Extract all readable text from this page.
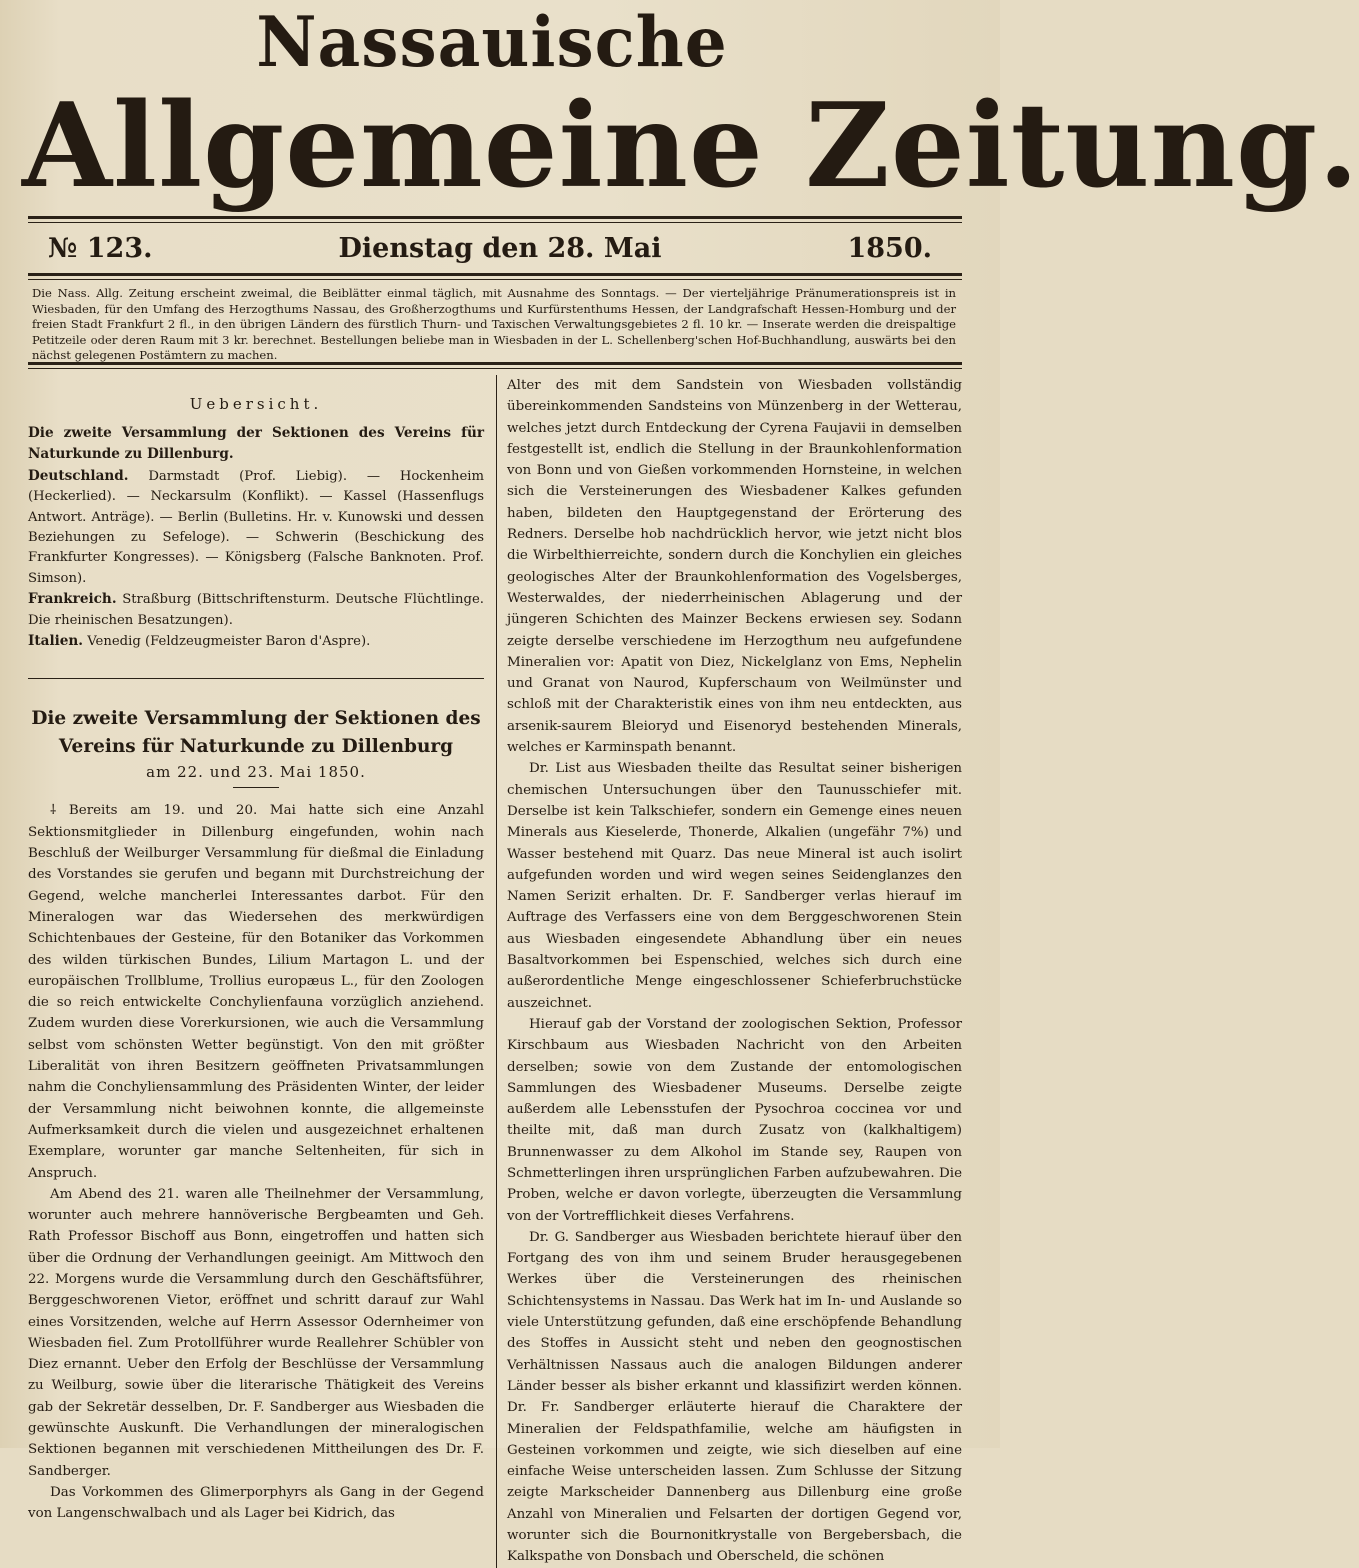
Nassauische
Allgemeine Zeitung.
№ 123.	Dienstag den 28. Mai	1850.
Die Nass. Allg. Zeitung erscheint zweimal, die Beiblätter einmal täglich, mit Ausnahme des Sonntags. — Der vierteljährige Pränumerationspreis ist in Wiesbaden, für den Umfang des Herzogthums Nassau, des Großherzogthums und Kurfürstenthums Hessen, der Landgrafschaft Hessen-Homburg und der freien Stadt Frankfurt 2 fl., in den übrigen Ländern des fürstlich Thurn- und Taxischen Verwaltungsgebietes 2 fl. 10 kr. — Inserate werden die dreispaltige Petitzeile oder deren Raum mit 3 kr. berechnet. Bestellungen beliebe man in Wiesbaden in der L. Schellenberg'schen Hof-Buchhandlung, auswärts bei den nächst gelegenen Postämtern zu machen.
Uebersicht.
Die zweite Versammlung der Sektionen des Vereins für Naturkunde zu Dillenburg.
Deutschland. Darmstadt (Prof. Liebig). — Hockenheim (Heckerlied). — Neckarsulm (Konflikt). — Kassel (Hassenflugs Antwort. Anträge). — Berlin (Bulletins. Hr. v. Kunowski und dessen Beziehungen zu Sefeloge). — Schwerin (Beschickung des Frankfurter Kongresses). — Königsberg (Falsche Banknoten. Prof. Simson).
Frankreich. Straßburg (Bittschriftensturm. Deutsche Flüchtlinge. Die rheinischen Besatzungen).
Italien. Venedig (Feldzeugmeister Baron d'Aspre).
Die zweite Versammlung der Sektionen des Vereins für Naturkunde zu Dillenburg
am 22. und 23. Mai 1850.

⸸ Bereits am 19. und 20. Mai hatte sich eine Anzahl Sektionsmitglieder in Dillenburg eingefunden, wohin nach Beschluß der Weilburger Versammlung für dießmal die Einladung des Vorstandes sie gerufen und begann mit Durchstreichung der Gegend, welche mancherlei Interessantes darbot. Für den Mineralogen war das Wiedersehen des merkwürdigen Schichtenbaues der Gesteine, für den Botaniker das Vorkommen des wilden türkischen Bundes, Lilium Martagon L. und der europäischen Trollblume, Trollius europæus L., für den Zoologen die so reich entwickelte Conchylienfauna vorzüglich anziehend. Zudem wurden diese Vorerkursionen, wie auch die Versammlung selbst vom schönsten Wetter begünstigt. Von den mit größter Liberalität von ihren Besitzern geöffneten Privatsammlungen nahm die Conchyliensammlung des Präsidenten Winter, der leider der Versammlung nicht beiwohnen konnte, die allgemeinste Aufmerksamkeit durch die vielen und ausgezeichnet erhaltenen Exemplare, worunter gar manche Seltenheiten, für sich in Anspruch.

Am Abend des 21. waren alle Theilnehmer der Versammlung, worunter auch mehrere hannöverische Bergbeamten und Geh. Rath Professor Bischoff aus Bonn, eingetroffen und hatten sich über die Ordnung der Verhandlungen geeinigt. Am Mittwoch den 22. Morgens wurde die Versammlung durch den Geschäftsführer, Berggeschworenen Vietor, eröffnet und schritt darauf zur Wahl eines Vorsitzenden, welche auf Herrn Assessor Odernheimer von Wiesbaden fiel. Zum Protollführer wurde Reallehrer Schübler von Diez ernannt. Ueber den Erfolg der Beschlüsse der Versammlung zu Weilburg, sowie über die literarische Thätigkeit des Vereins gab der Sekretär desselben, Dr. F. Sandberger aus Wiesbaden die gewünschte Auskunft. Die Verhandlungen der mineralogischen Sektionen begannen mit verschiedenen Mittheilungen des Dr. F. Sandberger.

Das Vorkommen des Glimerporphyrs als Gang in der Gegend von Langenschwalbach und als Lager bei Kidrich, das

Alter des mit dem Sandstein von Wiesbaden vollständig übereinkommenden Sandsteins von Münzenberg in der Wetterau, welches jetzt durch Entdeckung der Cyrena Faujavii in demselben festgestellt ist, endlich die Stellung in der Braunkohlenformation von Bonn und von Gießen vorkommenden Hornsteine, in welchen sich die Versteinerungen des Wiesbadener Kalkes gefunden haben, bildeten den Hauptgegenstand der Erörterung des Redners. Derselbe hob nachdrücklich hervor, wie jetzt nicht blos die Wirbelthierreichte, sondern durch die Konchylien ein gleiches geologisches Alter der Braunkohlenformation des Vogelsberges, Westerwaldes, der niederrheinischen Ablagerung und der jüngeren Schichten des Mainzer Beckens erwiesen sey. Sodann zeigte derselbe verschiedene im Herzogthum neu aufgefundene Mineralien vor: Apatit von Diez, Nickelglanz von Ems, Nephelin und Granat von Naurod, Kupferschaum von Weilmünster und schloß mit der Charakteristik eines von ihm neu entdeckten, aus arsenik-saurem Bleioryd und Eisenoryd bestehenden Minerals, welches er Karminspath benannt.

Dr. List aus Wiesbaden theilte das Resultat seiner bisherigen chemischen Untersuchungen über den Taunusschiefer mit. Derselbe ist kein Talkschiefer, sondern ein Gemenge eines neuen Minerals aus Kieselerde, Thonerde, Alkalien (ungefähr 7%) und Wasser bestehend mit Quarz. Das neue Mineral ist auch isolirt aufgefunden worden und wird wegen seines Seidenglanzes den Namen Serizit erhalten. Dr. F. Sandberger verlas hierauf im Auftrage des Verfassers eine von dem Berggeschworenen Stein aus Wiesbaden eingesendete Abhandlung über ein neues Basaltvorkommen bei Espenschied, welches sich durch eine außerordentliche Menge eingeschlossener Schieferbruchstücke auszeichnet.

Hierauf gab der Vorstand der zoologischen Sektion, Professor Kirschbaum aus Wiesbaden Nachricht von den Arbeiten derselben; sowie von dem Zustande der entomologischen Sammlungen des Wiesbadener Museums. Derselbe zeigte außerdem alle Lebensstufen der Pysochroa coccinea vor und theilte mit, daß man durch Zusatz von (kalkhaltigem) Brunnenwasser zu dem Alkohol im Stande sey, Raupen von Schmetterlingen ihren ursprünglichen Farben aufzubewahren. Die Proben, welche er davon vorlegte, überzeugten die Versammlung von der Vortrefflichkeit dieses Verfahrens.

Dr. G. Sandberger aus Wiesbaden berichtete hierauf über den Fortgang des von ihm und seinem Bruder herausgegebenen Werkes über die Versteinerungen des rheinischen Schichtensystems in Nassau. Das Werk hat im In- und Auslande so viele Unterstützung gefunden, daß eine erschöpfende Behandlung des Stoffes in Aussicht steht und neben den geognostischen Verhältnissen Nassaus auch die analogen Bildungen anderer Länder besser als bisher erkannt und klassifizirt werden können. Dr. Fr. Sandberger erläuterte hierauf die Charaktere der Mineralien der Feldspathfamilie, welche am häufigsten in Gesteinen vorkommen und zeigte, wie sich dieselben auf eine einfache Weise unterscheiden lassen. Zum Schlusse der Sitzung zeigte Markscheider Dannenberg aus Dillenburg eine große Anzahl von Mineralien und Felsarten der dortigen Gegend vor, worunter sich die Bournonitkrystalle von Bergebersbach, die Kalkspathe von Donsbach und Oberscheld, die schönen
